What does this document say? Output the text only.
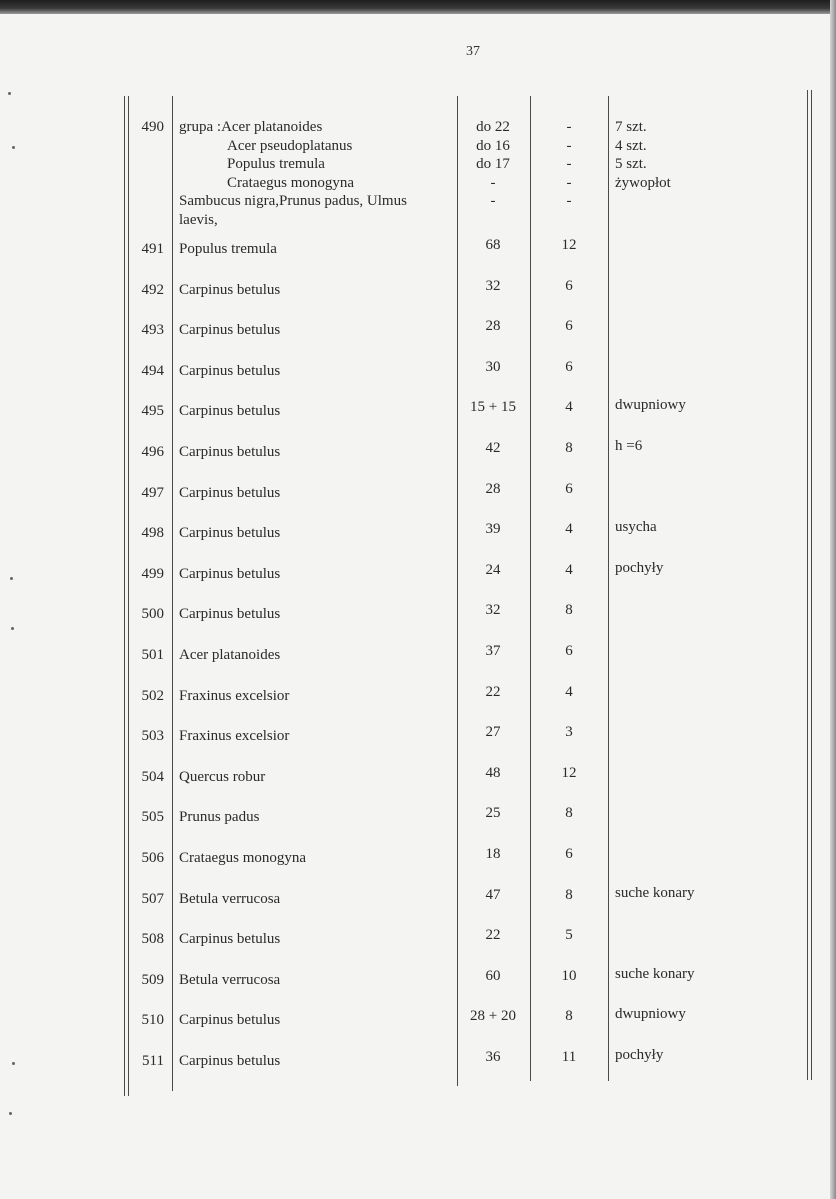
37
490 grupa :Acer platanoides	do 22	-	7 szt.
Acer pseudoplatanus	do 16	-	4 szt.
Populus tremula	do 17	-	5 szt.
Crataegus monogyna	-	-	żywopłot
Sambucus nigra,Prunus padus, Ulmus	-	-
laevis,
491 Populus tremula	68	12
492 Carpinus betulus	32	6
493 Carpinus betulus	28	6
494 Carpinus betulus	30	6
495 Carpinus betulus	15 + 15	4	dwupniowy
496 Carpinus betulus	42	8	h =6
497 Carpinus betulus	28	6
498 Carpinus betulus	39	4	usycha
499 Carpinus betulus	24	4	pochyły
500 Carpinus betulus	32	8
501 Acer platanoides	37	6
502 Fraxinus excelsior	22	4
503 Fraxinus excelsior	27	3
504 Quercus robur	48	12
505 Prunus padus	25	8
506 Crataegus monogyna	18	6
507 Betula verrucosa	47	8	suche konary
508 Carpinus betulus	22	5
509 Betula verrucosa	60	10	suche konary
510 Carpinus betulus	28 + 20	8	dwupniowy
511 Carpinus betulus	36	11	pochyły
